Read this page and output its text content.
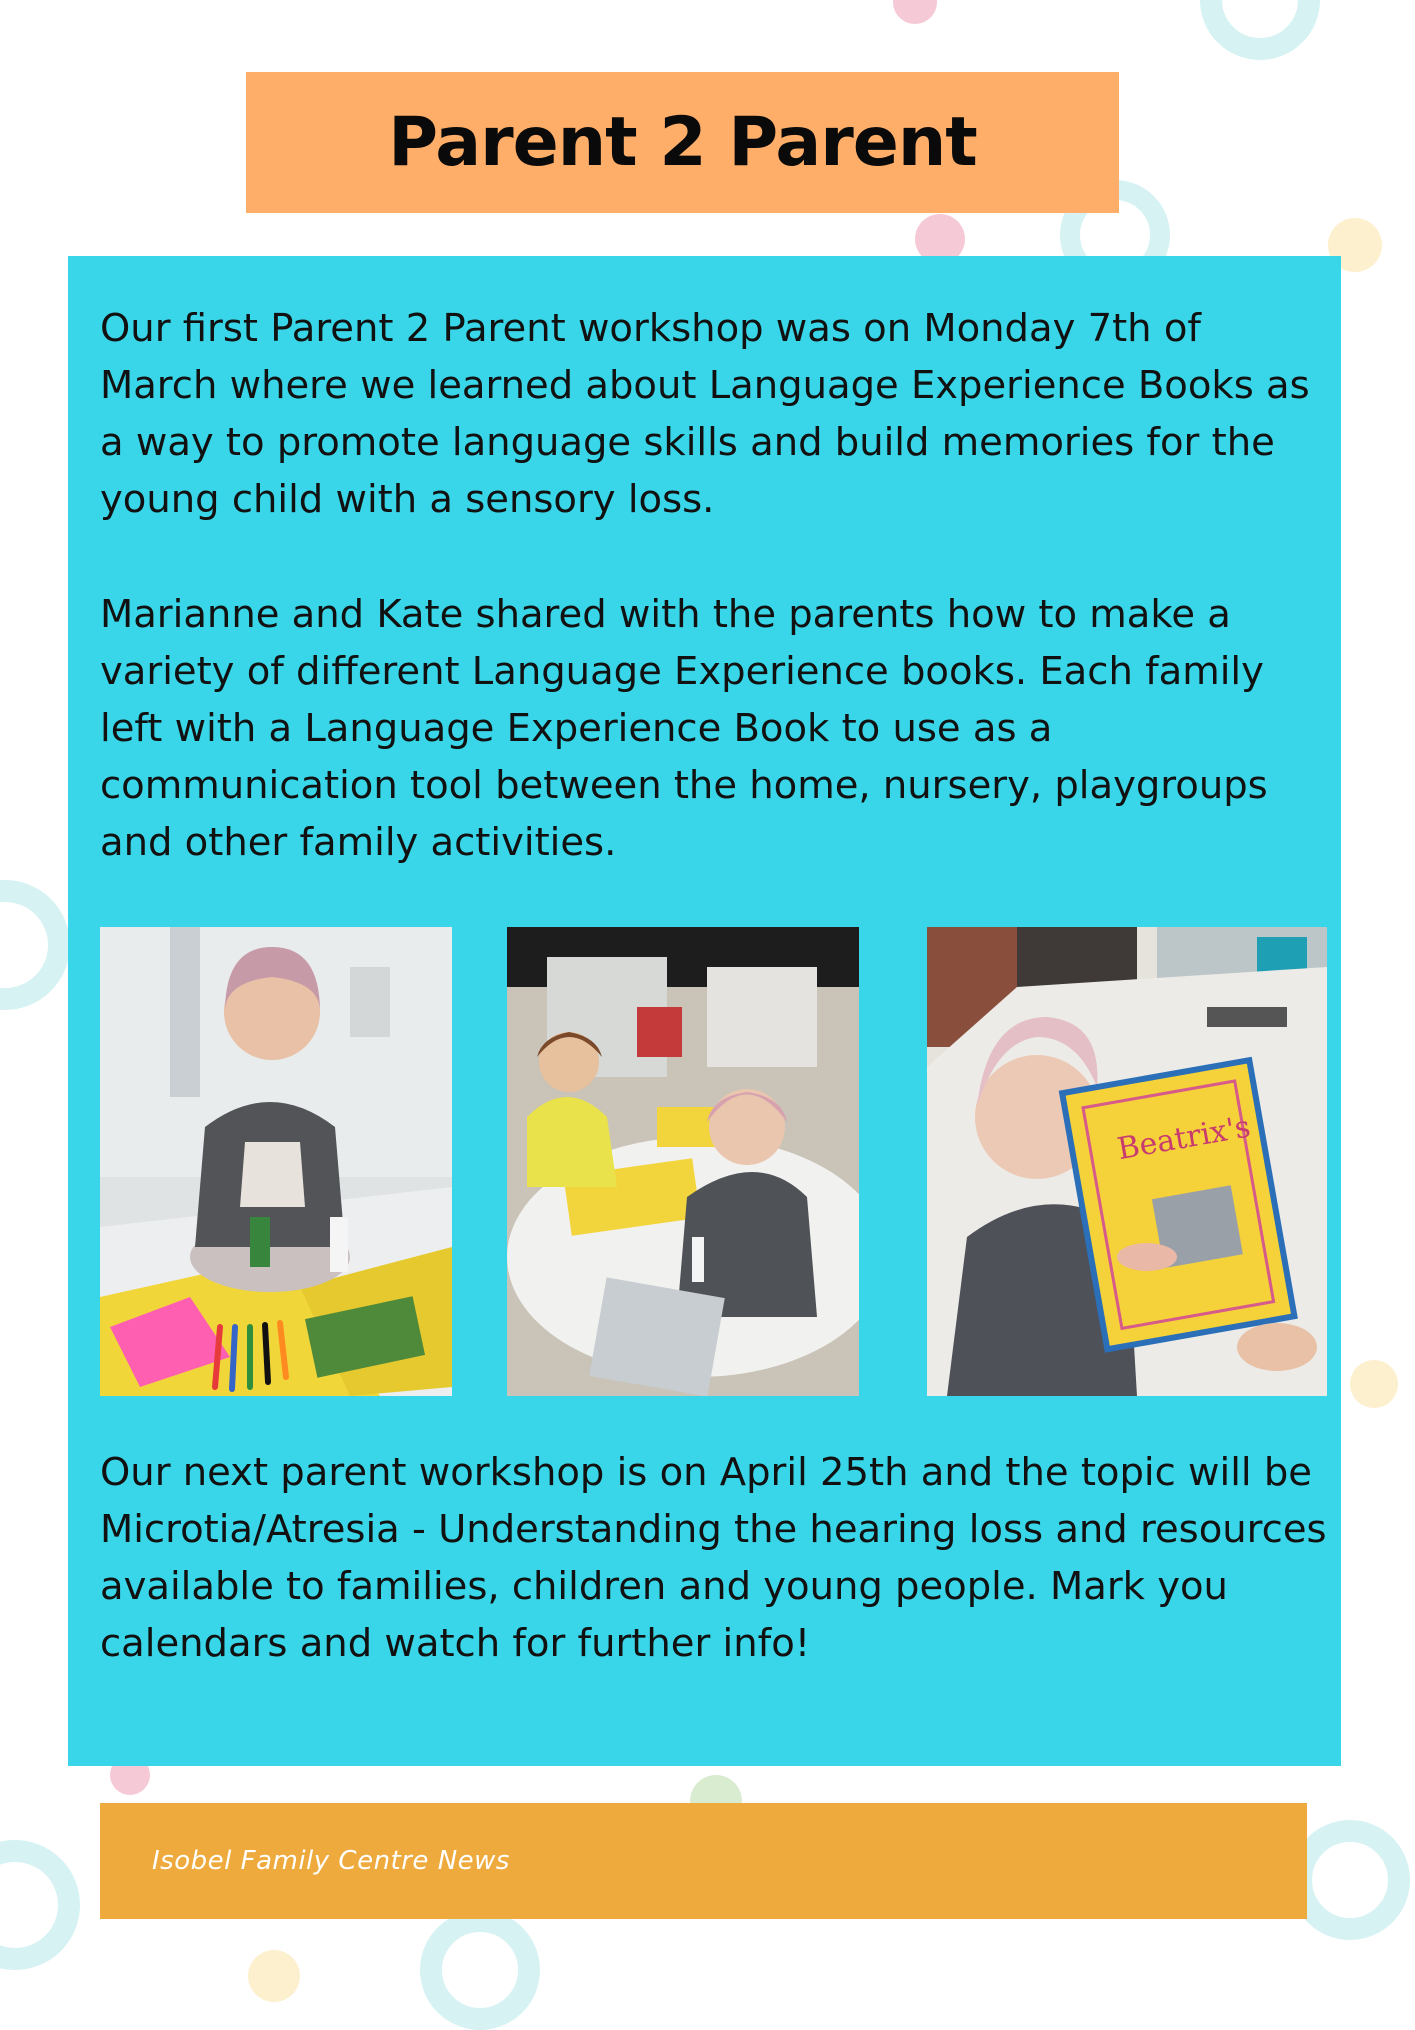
Parent 2 Parent

Our first Parent 2 Parent workshop was on Monday 7th of March where we learned about Language Experience Books as a way to promote language skills and build memories for the young child with a sensory loss.

Marianne and Kate shared with the parents how to make a variety of different Language Experience books. Each family left with a Language Experience Book to use as a communication tool between the home, nursery, playgroups and other family activities.

Beatrix's

Our next parent workshop is on April 25th and the topic will be Microtia/Atresia - Understanding the hearing loss and resources available to families, children and young people. Mark you calendars and watch for further info!

Isobel Family Centre News
